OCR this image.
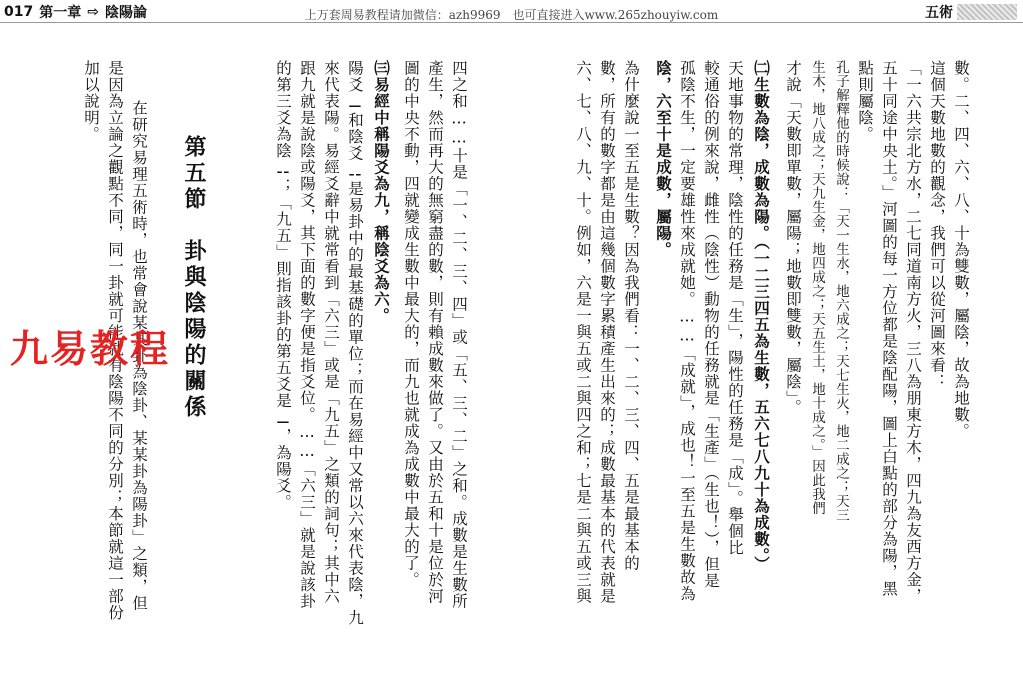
017 第一章 ⇨ 陰陽論	上万套周易教程请加微信：azh9969　也可直接进入www.265zhouyiw.com	五術
數。二、四、六、八、十為雙數，屬陰，故為地數。
這個天數地數的觀念，我們可以從河圖來看：
「一六共宗北方水，二七同道南方火，三八為朋東方木，四九為友西方金，
五十同途中央土。」河圖的每一方位都是陰配陽，圖上白點的部分為陽，黑
點則屬陰。
孔子解釋他的時候說：「天一生水，地六成之；天七生火，地二成之；天三
生木，地八成之；天九生金，地四成之；天五生土，地十成之。」因此我們
才說「天數即單數，屬陽；地數即雙數，屬陰」。
㈡生數為陰，成數為陽。（一二三四五為生數，五六七八九十為成數。）
天地事物的常理，陰性的任務是「生」，陽性的任務是「成」。舉個比
較通俗的例來說，雌性（陰性）動物的任務就是「生產」（生也！），但是
孤陰不生，一定要雄性來成就她。……「成就」，成也！一至五是生數故為
陰，六至十是成數，屬陽。
為什麼說一至五是生數？因為我們看：一、二、三、四、五是最基本的
數，所有的數字都是由這幾個數字累積產生出來的；成數最基本的代表就是
六、七、八、九、十。例如，六是一與五或二與四之和；七是二與五或三與
四之和……十是「一、二、三、四」或「五、三、二」之和。成數是生數所
產生，然而再大的無窮盡的數，則有賴成數來做了。又由於五和十是位於河
圖的中央不動，四就變成生數中最大的，而九也就成為成數中最大的了。
㈢易經中稱陽爻為九，稱陰爻為六。
陽爻⚊和陰爻⚋是易卦中的最基礎的單位；而在易經中又常以六來代表陰，九
來代表陽。易經爻辭中就常看到「六三」或是「九五」之類的詞句；其中六
跟九就是說陰或陽爻，其下面的數字便是指爻位。……「六三」就是說該卦
的第三爻為陰⚋；「九五」則指該卦的第五爻是⚊，為陽爻。
第五節　卦與陰陽的關係
在研究易理五術時，也常會說某某卦為陰卦、某某卦為陽卦」之類，但
是因為立論之觀點不同，同一卦就可能就有陰陽不同的分別；本節就這一部份
加以說明。
九易教程
